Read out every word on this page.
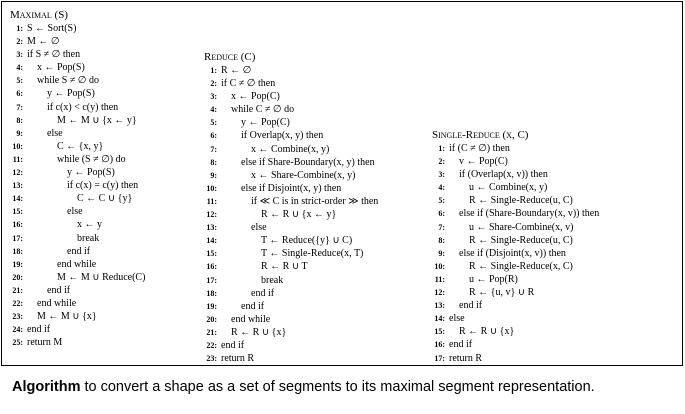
Maximal (S)
1: S ← Sort(S)
2: M ← ∅
3: if S ≠ ∅ then
4:	x ← Pop(S)
5:	while S ≠ ∅ do
6:	y ← Pop(S)
7:	if c(x) < c(y) then
8:	M ← M ∪ {x ← y}
9:	else
10:	C ← {x, y}
11:	while (S ≠ ∅) do
12:	y ← Pop(S)
13:	if c(x) = c(y) then
14:	C ← C ∪ {y}
15:	else
16:	x ← y
17:	break
18:	end if
19:	end while
20:	M ← M ∪ Reduce(C)
21:	end if
22:	end while
23:	M ← M ∪ {x}
24: end if
25: return M
Reduce (C)
1: R ← ∅
2: if C ≠ ∅ then
3:	x ← Pop(C)
4:	while C ≠ ∅ do
5:	y ← Pop(C)
6:	if Overlap(x, y) then
7:	x ← Combine(x, y)
8:	else if Share-Boundary(x, y) then
9:	x ← Share-Combine(x, y)
10:	else if Disjoint(x, y) then
11:	if ≪ C is in strict-order ≫ then
12:	R ← R ∪ {x ← y}
13:	else
14:	T ← Reduce({y} ∪ C)
15:	T ← Single-Reduce(x, T)
16:	R ← R ∪ T
17:	break
18:	end if
19:	end if
20:	end while
21:	R ← R ∪ {x}
22: end if
23: return R
Single-Reduce (x, C)
1: if (C ≠ ∅) then
2:	v ← Pop(C)
3:	if (Overlap(x, v)) then
4:	u ← Combine(x, y)
5:	R ← Single-Reduce(u, C)
6:	else if (Share-Boundary(x, v)) then
7:	u ← Share-Combine(x, v)
8:	R ← Single-Reduce(u, C)
9:	else if (Disjoint(x, v)) then
10:	R ← Single-Reduce(x, C)
11:	u ← Pop(R)
12:	R ← {u, v} ∪ R
13:	end if
14: else
15:	R ← R ∪ {x}
16: end if
17: return R
Algorithm to convert a shape as a set of segments to its maximal segment representation.
